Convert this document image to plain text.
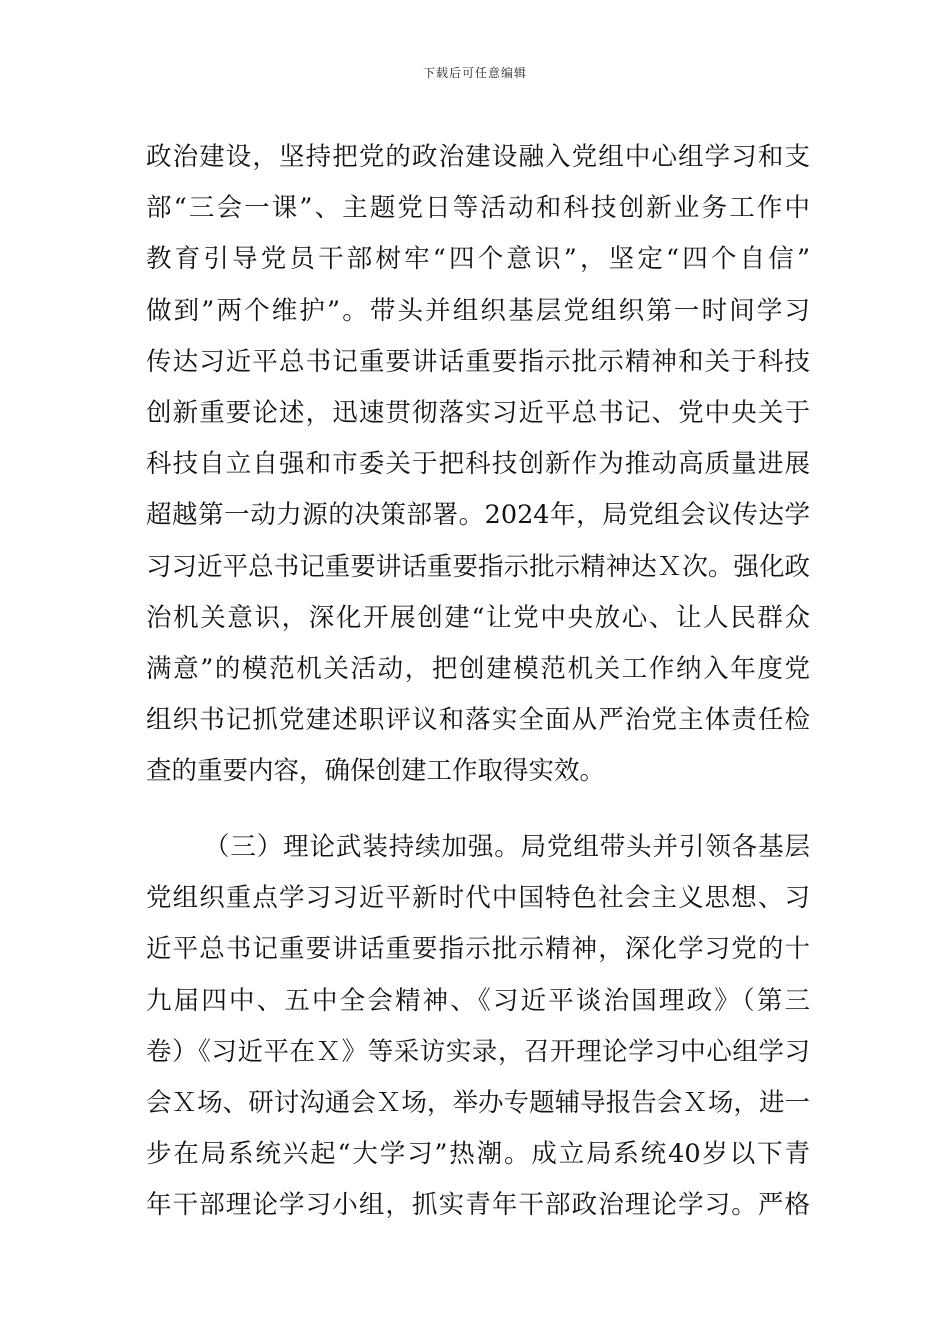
下载后可任意编辑
政治建设，坚持把党的政治建设融入党组中心组学习和支
部“三会一课”、主题党日等活动和科技创新业务工作中
教育引导党员干部树牢“四个意识”，坚定“四个自信”
做到”两个维护”。带头并组织基层党组织第一时间学习
传达习近平总书记重要讲话重要指示批示精神和关于科技
创新重要论述，迅速贯彻落实习近平总书记、党中央关于
科技自立自强和市委关于把科技创新作为推动高质量进展
超越第一动力源的决策部署。2024年，局党组会议传达学
习习近平总书记重要讲话重要指示批示精神达Ｘ次。强化政
治机关意识，深化开展创建“让党中央放心、让人民群众
满意”的模范机关活动，把创建模范机关工作纳入年度党
组织书记抓党建述职评议和落实全面从严治党主体责任检
查的重要内容，确保创建工作取得实效。
（三）理论武装持续加强。局党组带头并引领各基层
党组织重点学习习近平新时代中国特色社会主义思想、习
近平总书记重要讲话重要指示批示精神，深化学习党的十
九届四中、五中全会精神、《习近平谈治国理政》（第三
卷）《习近平在Ｘ》等采访实录，召开理论学习中心组学习
会Ｘ场、研讨沟通会Ｘ场，举办专题辅导报告会Ｘ场，进一
步在局系统兴起“大学习”热潮。成立局系统40岁以下青
年干部理论学习小组，抓实青年干部政治理论学习。严格
